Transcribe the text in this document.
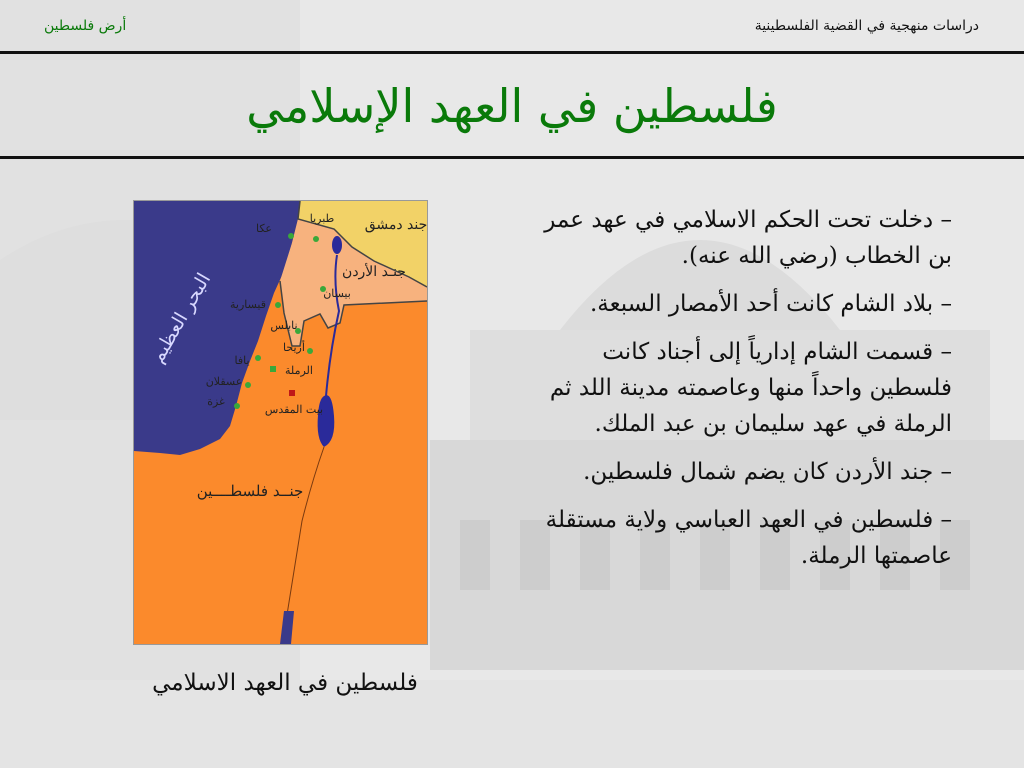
أرض فلسطين	دراسات منهجية في القضية الفلسطينية
فلسطين في العهد الإسلامي
عكا
طبريا
بيسان
قيسارية
نابلس
أريحا
يافا
الرملة
عسقلان
غزة
بيت المقدس
البحر العظيم
جند دمشق
جنـد الأردن
جنــد فلسطــــين
فلسطين في العهد الاسلامي
– دخلت تحت الحكم الاسلامي في عهد عمر بن الخطاب (رضي الله عنه).
– بلاد الشام كانت أحد الأمصار السبعة.
– قسمت الشام إدارياً إلى أجناد كانت فلسطين واحداً منها وعاصمته مدينة اللد ثم الرملة في عهد سليمان بن عبد الملك.
– جند الأردن كان يضم شمال فلسطين.
– فلسطين في العهد العباسي ولاية مستقلة عاصمتها الرملة.
